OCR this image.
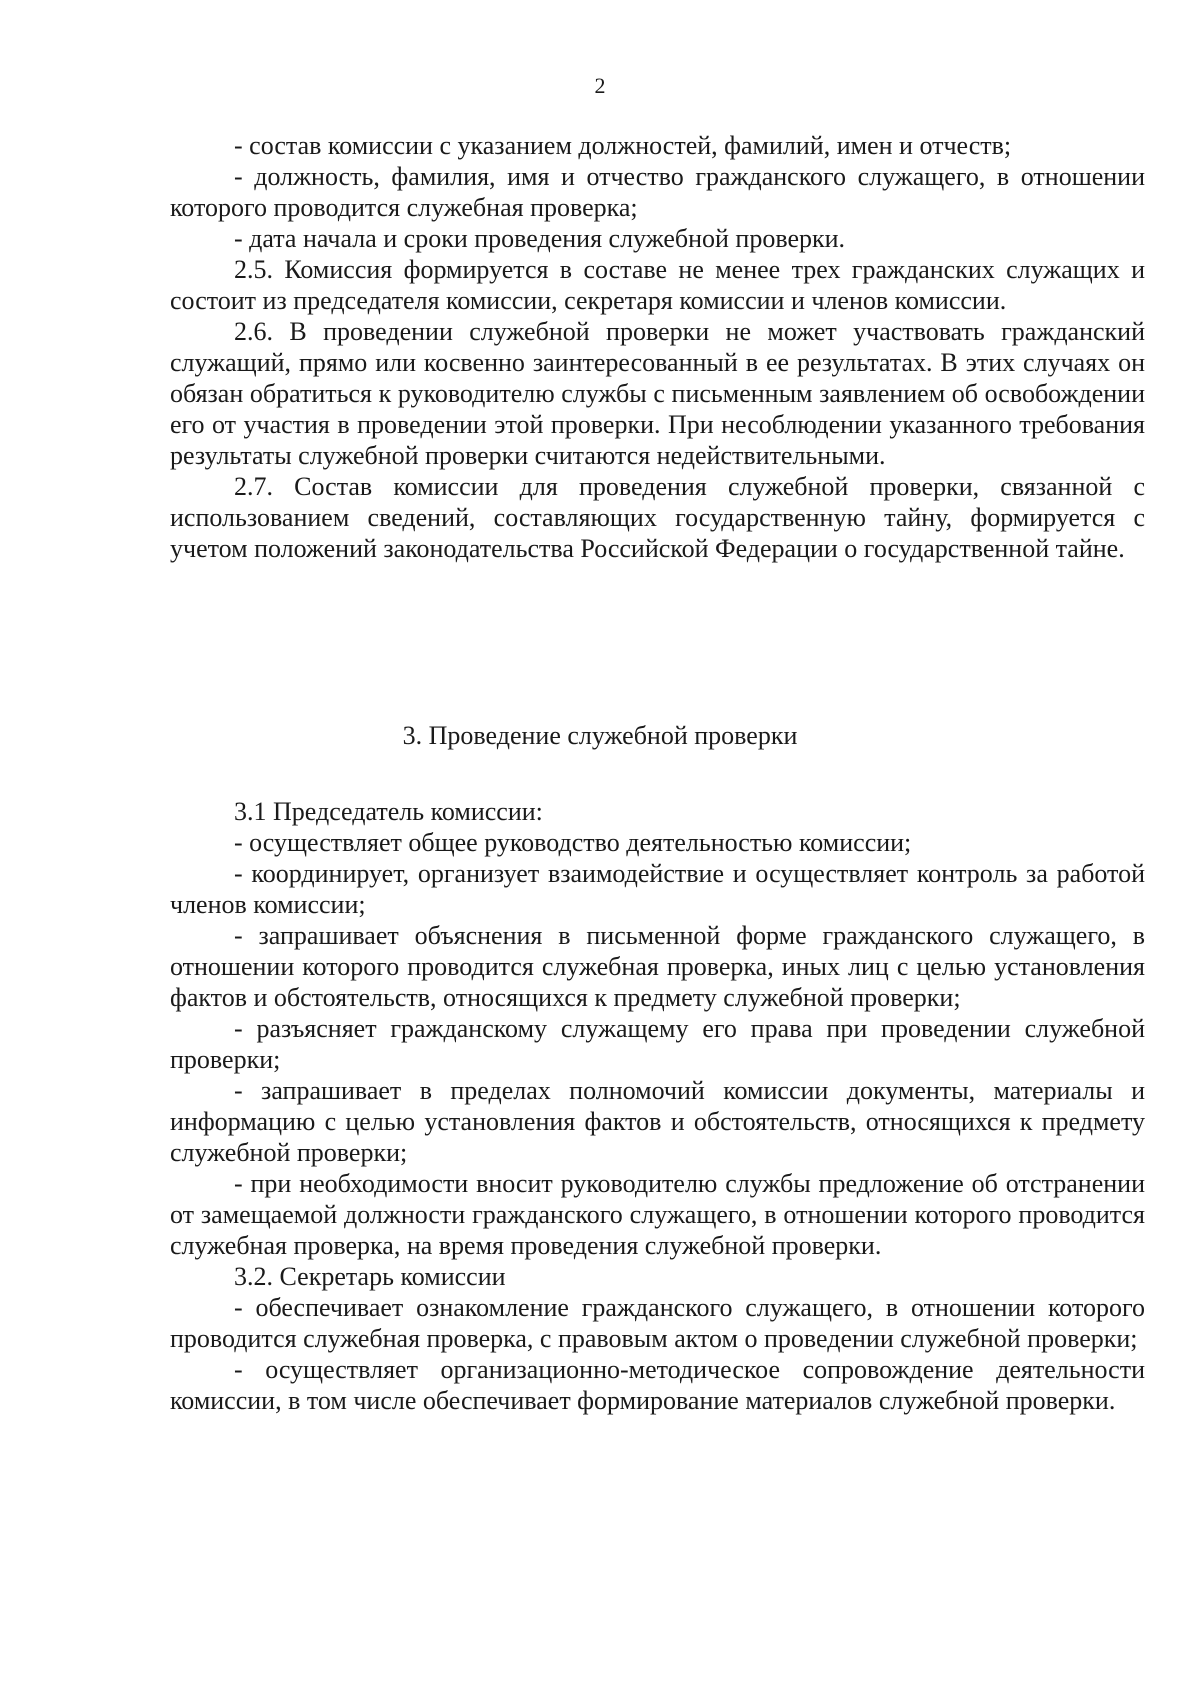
2

- состав комиссии с указанием должностей, фамилий, имен и отчеств;

- должность, фамилия, имя и отчество гражданского служащего, в отношении которого проводится служебная проверка;

- дата начала и сроки проведения служебной проверки.

2.5. Комиссия формируется в составе не менее трех гражданских служащих и состоит из председателя комиссии, секретаря комиссии и членов комиссии.

2.6. В проведении служебной проверки не может участвовать гражданский служащий, прямо или косвенно заинтересованный в ее результатах. В этих случаях он обязан обратиться к руководителю службы с письменным заявлением об освобождении его от участия в проведении этой проверки. При несоблюдении указанного требования результаты служебной проверки считаются недействительными.

2.7. Состав комиссии для проведения служебной проверки, связанной с использованием сведений, составляющих государственную тайну, формируется с учетом положений законодательства Российской Федерации о государственной тайне.

3. Проведение служебной проверки

3.1 Председатель комиссии:

- осуществляет общее руководство деятельностью комиссии;

- координирует, организует взаимодействие и осуществляет контроль за работой членов комиссии;

- запрашивает объяснения в письменной форме гражданского служащего, в отношении которого проводится служебная проверка, иных лиц с целью установления фактов и обстоятельств, относящихся к предмету служебной проверки;

- разъясняет гражданскому служащему его права при проведении служебной проверки;

- запрашивает в пределах полномочий комиссии документы, материалы и информацию с целью установления фактов и обстоятельств, относящихся к предмету служебной проверки;

- при необходимости вносит руководителю службы предложение об отстранении от замещаемой должности гражданского служащего, в отношении которого проводится служебная проверка, на время проведения служебной проверки.

3.2. Секретарь комиссии

- обеспечивает ознакомление гражданского служащего, в отношении которого проводится служебная проверка, с правовым актом о проведении служебной проверки;

- осуществляет организационно-методическое сопровождение деятельности комиссии, в том числе обеспечивает формирование материалов служебной проверки.
